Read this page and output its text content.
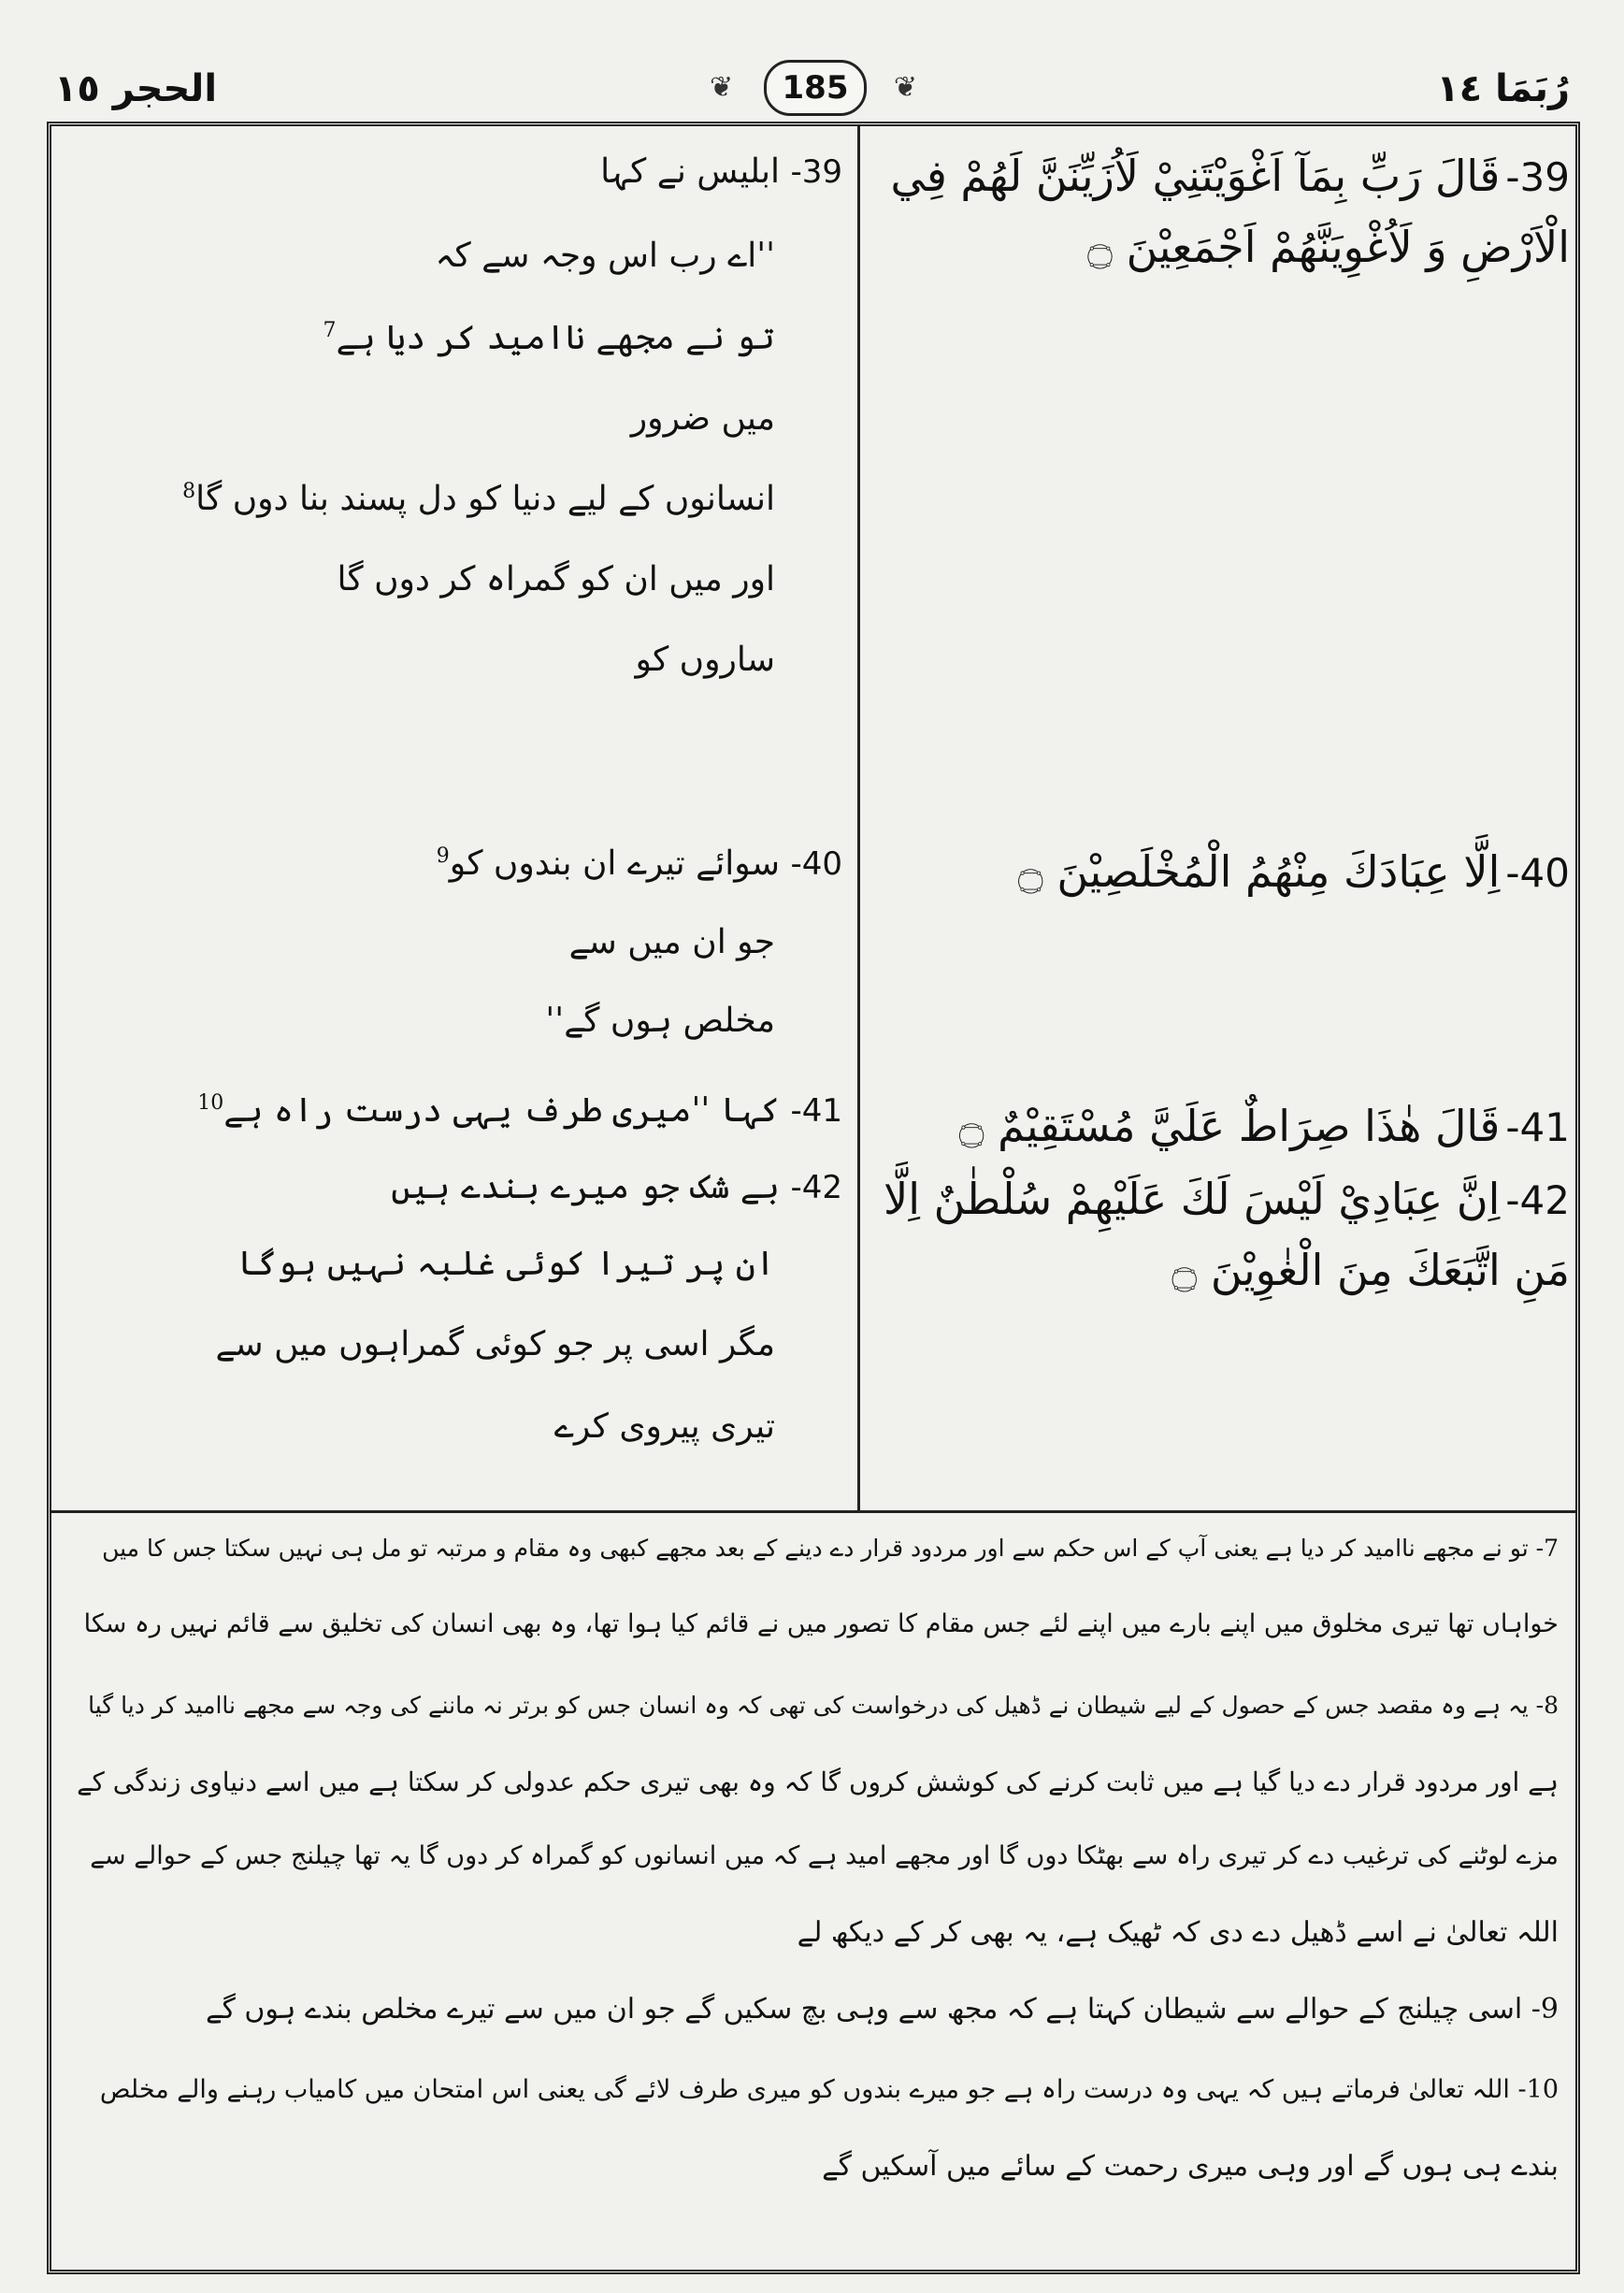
الحجر ١٥	❦	185	❦	رُبَمَا ١٤
39-قَالَ رَبِّ بِمَآ اَغْوَيْتَنِيْ لَاُزَيِّنَنَّ لَهُمْ فِي الْاَرْضِ وَ لَاُغْوِيَنَّهُمْ اَجْمَعِيْنَ ۝
40-اِلَّا عِبَادَكَ مِنْهُمُ الْمُخْلَصِيْنَ ۝
41-قَالَ هٰذَا صِرَاطٌ عَلَيَّ مُسْتَقِيْمٌ ۝
42-اِنَّ عِبَادِيْ لَيْسَ لَكَ عَلَيْهِمْ سُلْطٰنٌ اِلَّا مَنِ اتَّبَعَكَ مِنَ الْغٰوِيْنَ ۝
39- ابلیس نے کہا
''اے رب اس وجہ سے کہ
تو نے مجھے ناامید کر دیا ہے$^7$
میں ضرور
انسانوں کے لیے دنیا کو دل پسند بنا دوں گا$^8$
اور میں ان کو گمراہ کر دوں گا
ساروں کو
40- سوائے تیرے ان بندوں کو$^9$
جو ان میں سے
مخلص ہوں گے''
41- کہا ''میری طرف یہی درست راہ ہے$^{10}$
42- بے شک جو میرے بندے ہیں
ان پر تیرا کوئی غلبہ نہیں ہوگا
مگر اسی پر جو کوئی گمراہوں میں سے
تیری پیروی کرے
7- تو نے مجھے ناامید کر دیا ہے یعنی آپ کے اس حکم سے اور مردود قرار دے دینے کے بعد مجھے کبھی وہ مقام و مرتبہ تو مل ہی نہیں سکتا جس کا میں
خواہاں تھا تیری مخلوق میں اپنے بارے میں اپنے لئے جس مقام کا تصور میں نے قائم کیا ہوا تھا، وہ بھی انسان کی تخلیق سے قائم نہیں رہ سکا
8- یہ ہے وہ مقصد جس کے حصول کے لیے شیطان نے ڈھیل کی درخواست کی تھی کہ وہ انسان جس کو برتر نہ ماننے کی وجہ سے مجھے ناامید کر دیا گیا
ہے اور مردود قرار دے دیا گیا ہے میں ثابت کرنے کی کوشش کروں گا کہ وہ بھی تیری حکم عدولی کر سکتا ہے میں اسے دنیاوی زندگی کے
مزے لوٹنے کی ترغیب دے کر تیری راہ سے بھٹکا دوں گا اور مجھے امید ہے کہ میں انسانوں کو گمراہ کر دوں گا یہ تھا چیلنج جس کے حوالے سے
اللہ تعالیٰ نے اسے ڈھیل دے دی کہ ٹھیک ہے، یہ بھی کر کے دیکھ لے
9- اسی چیلنج کے حوالے سے شیطان کہتا ہے کہ مجھ سے وہی بچ سکیں گے جو ان میں سے تیرے مخلص بندے ہوں گے
10- اللہ تعالیٰ فرماتے ہیں کہ یہی وہ درست راہ ہے جو میرے بندوں کو میری طرف لائے گی یعنی اس امتحان میں کامیاب رہنے والے مخلص
بندے ہی ہوں گے اور وہی میری رحمت کے سائے میں آسکیں گے
